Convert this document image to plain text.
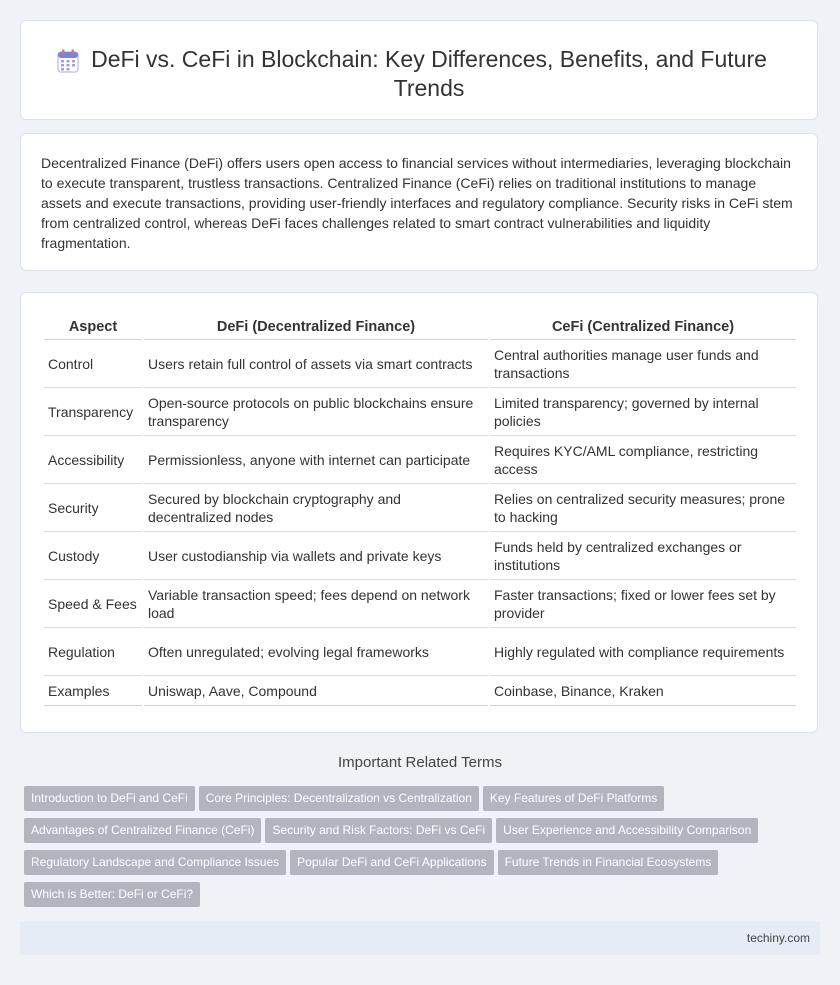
DeFi vs. CeFi in Blockchain: Key Differences, Benefits, and Future Trends

Decentralized Finance (DeFi) offers users open access to financial services without intermediaries, leveraging blockchain to execute transparent, trustless transactions. Centralized Finance (CeFi) relies on traditional institutions to manage assets and execute transactions, providing user-friendly interfaces and regulatory compliance. Security risks in CeFi stem from centralized control, whereas DeFi faces challenges related to smart contract vulnerabilities and liquidity fragmentation.

Aspect	DeFi (Decentralized Finance)	CeFi (Centralized Finance)
Control	Users retain full control of assets via smart contracts	Central authorities manage user funds and transactions
Transparency	Open-source protocols on public blockchains ensure transparency	Limited transparency; governed by internal policies
Accessibility	Permissionless, anyone with internet can participate	Requires KYC/AML compliance, restricting access
Security	Secured by blockchain cryptography and decentralized nodes	Relies on centralized security measures; prone to hacking
Custody	User custodianship via wallets and private keys	Funds held by centralized exchanges or institutions
Speed & Fees	Variable transaction speed; fees depend on network load	Faster transactions; fixed or lower fees set by provider
Regulation	Often unregulated; evolving legal frameworks	Highly regulated with compliance requirements
Examples	Uniswap, Aave, Compound	Coinbase, Binance, Kraken
Important Related Terms
Introduction to DeFi and CeFi Core Principles: Decentralization vs Centralization Key Features of DeFi Platforms
Advantages of Centralized Finance (CeFi) Security and Risk Factors: DeFi vs CeFi User Experience and Accessibility Comparison
Regulatory Landscape and Compliance Issues Popular DeFi and CeFi Applications Future Trends in Financial Ecosystems
Which is Better: DeFi or CeFi?
techiny.com
